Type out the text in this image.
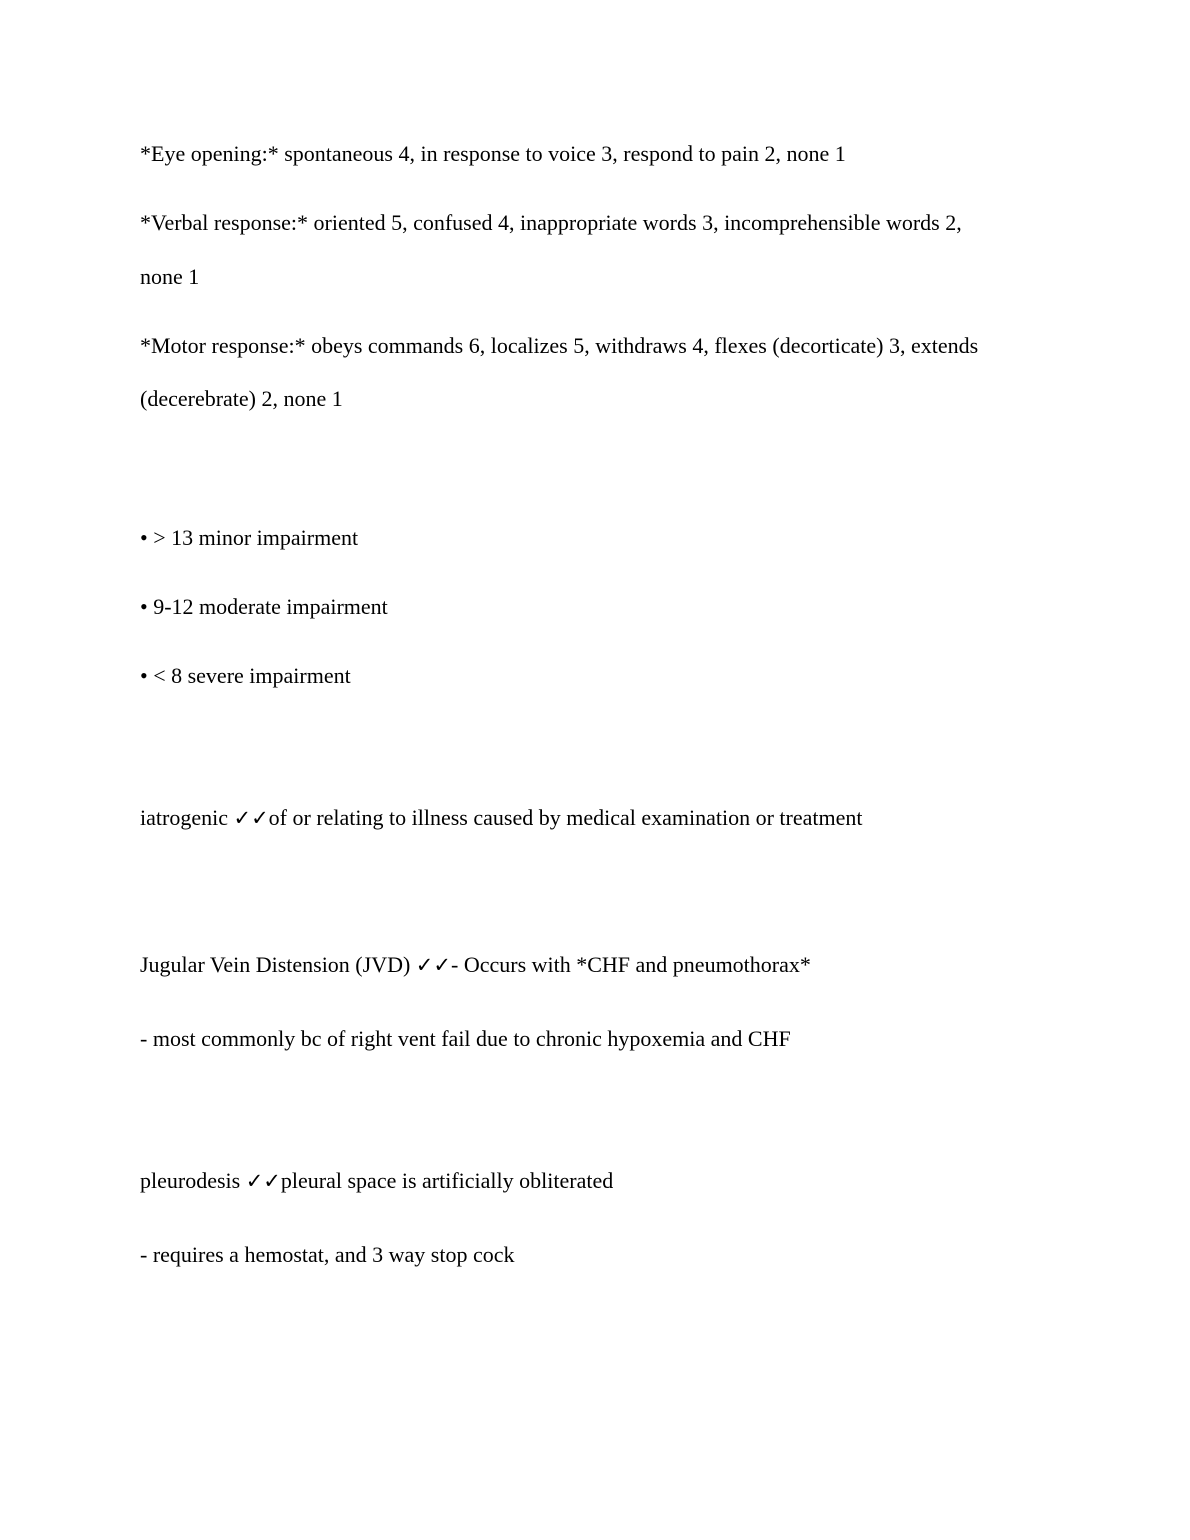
*Eye opening:* spontaneous 4, in response to voice 3, respond to pain 2, none 1
*Verbal response:* oriented 5, confused 4, inappropriate words 3, incomprehensible words 2,
none 1
*Motor response:* obeys commands 6, localizes 5, withdraws 4, flexes (decorticate) 3, extends
(decerebrate) 2, none 1
• > 13 minor impairment
• 9-12 moderate impairment
• < 8 severe impairment
iatrogenic ✓✓of or relating to illness caused by medical examination or treatment
Jugular Vein Distension (JVD) ✓✓- Occurs with *CHF and pneumothorax*
- most commonly bc of right vent fail due to chronic hypoxemia and CHF
pleurodesis ✓✓pleural space is artificially obliterated
- requires a hemostat, and 3 way stop cock
